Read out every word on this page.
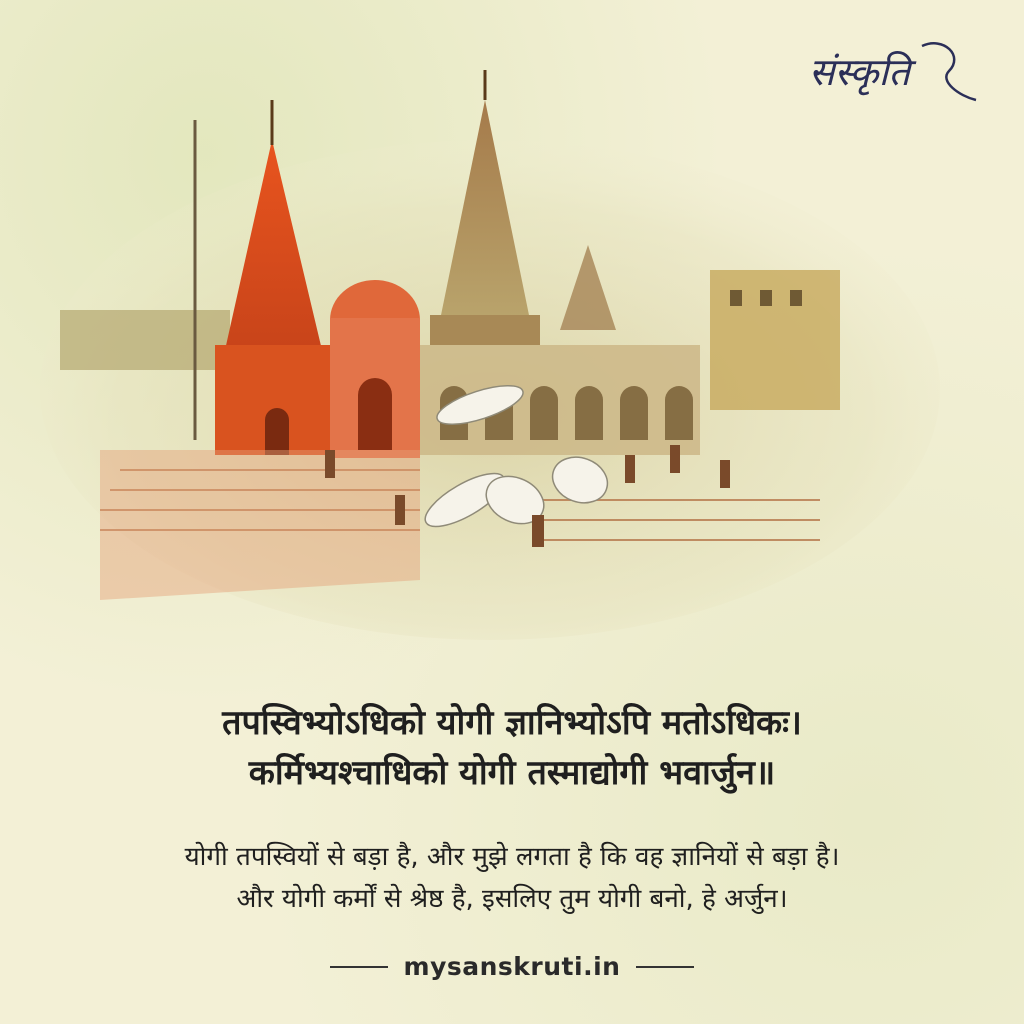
संस्कृति
तपस्विभ्योऽधिको योगी ज्ञानिभ्योऽपि मतोऽधिकः।
कर्मिभ्यश्चाधिको योगी तस्माद्योगी भवार्जुन॥
योगी तपस्वियों से बड़ा है, और मुझे लगता है कि वह ज्ञानियों से बड़ा है।
और योगी कर्मों से श्रेष्ठ है, इसलिए तुम योगी बनो, हे अर्जुन।
mysanskruti.in
